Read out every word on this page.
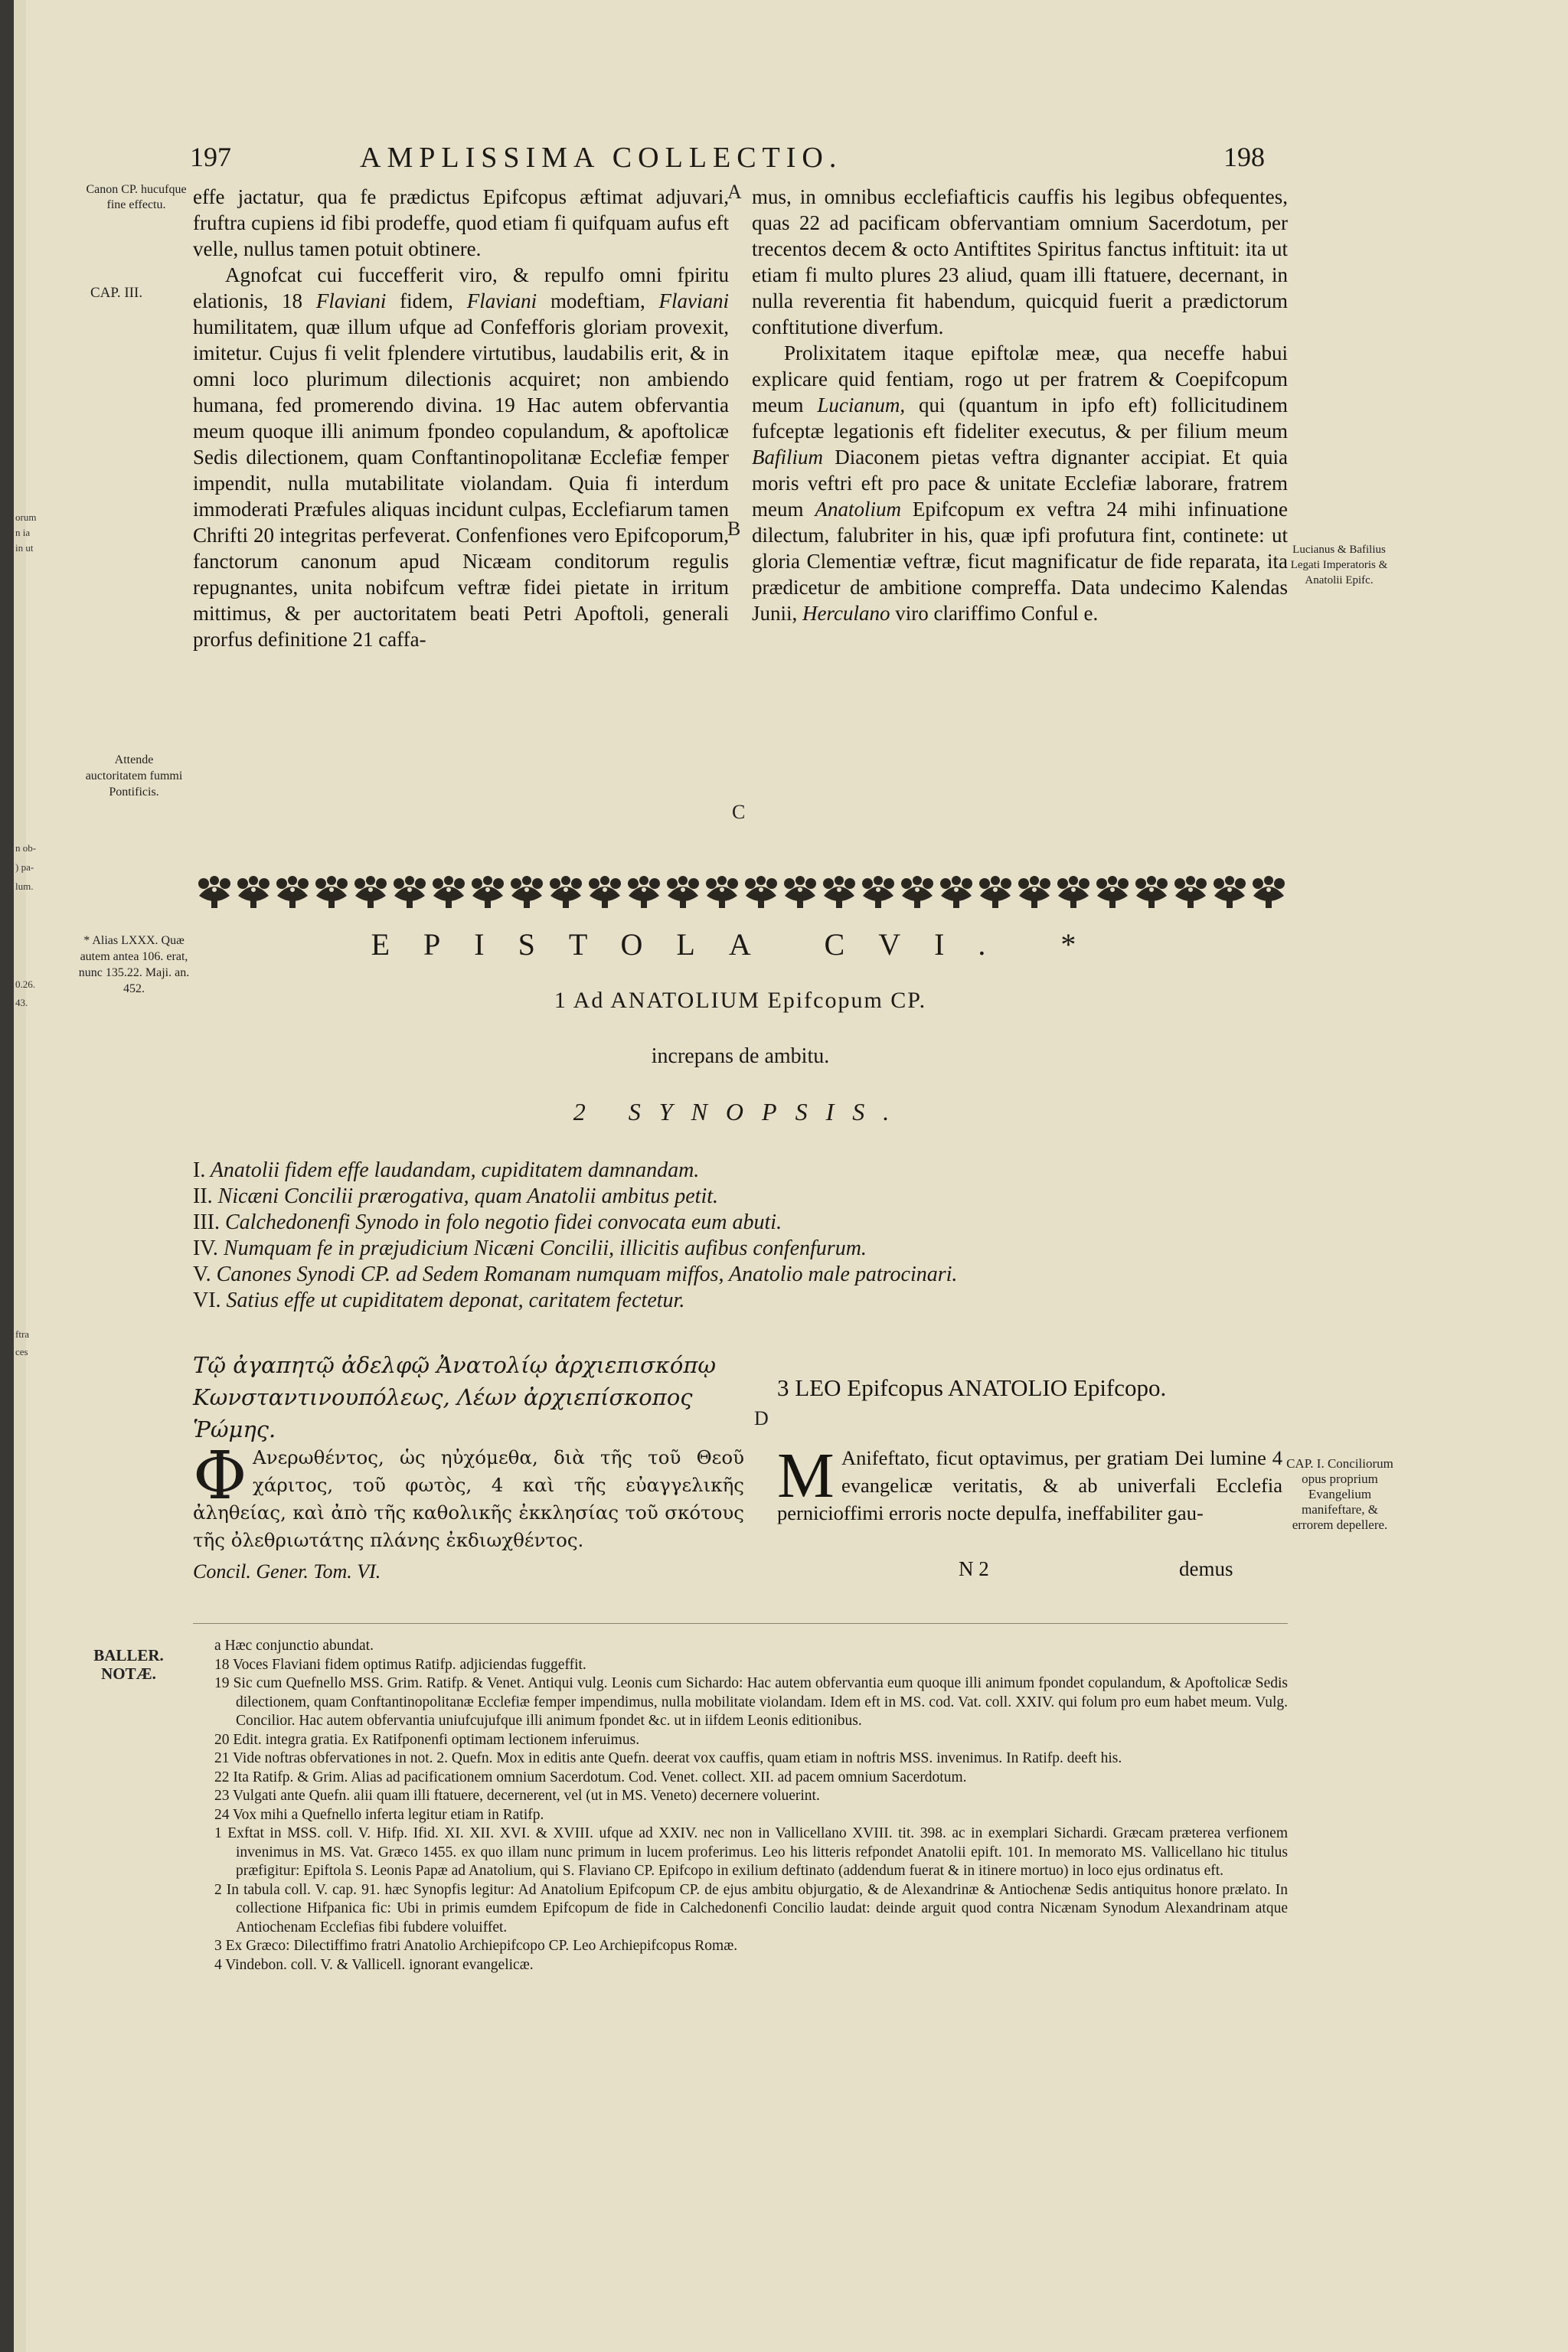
orum
n ia
in ut
n ob-
) pa-
lum.
0.26.
43.
ftra
ces
197	AMPLISSIMA COLLECTIO.	198
Canon CP. hucufque fine effectu.
CAP. III.
Attende auctoritatem fummi Pontificis.
* Alias LXXX. Quæ autem antea 106. erat, nunc 135.22. Maji. an. 452.
BALLER. NOTÆ.
Lucianus & Bafilius Legati Imperatoris & Anatolii Epifc.
CAP. I. Conciliorum opus proprium Evangelium manifeftare, & errorem depellere.
A
B
C
D

effe jactatur, qua fe prædictus Epifcopus æftimat adjuvari, fruftra cupiens id fibi prodeffe, quod etiam fi quifquam aufus eft velle, nullus tamen potuit obtinere.

Agnofcat cui fuccefferit viro, & repulfo omni fpiritu elationis, 18 Flaviani fidem, Flaviani modeftiam, Flaviani humilitatem, quæ illum ufque ad Confefforis gloriam provexit, imitetur. Cujus fi velit fplendere virtutibus, laudabilis erit, & in omni loco plurimum dilectionis acquiret; non ambiendo humana, fed promerendo divina. 19 Hac autem obfervantia meum quoque illi animum fpondeo copulandum, & apoftolicæ Sedis dilectionem, quam Conftantinopolitanæ Ecclefiæ femper impendit, nulla mutabilitate violandam. Quia fi interdum immoderati Præfules aliquas incidunt culpas, Ecclefiarum tamen Chrifti 20 integritas perfeverat. Confenfiones vero Epifcoporum, fanctorum canonum apud Nicæam conditorum regulis repugnantes, unita nobifcum veftræ fidei pietate in irritum mittimus, & per auctoritatem beati Petri Apoftoli, generali prorfus definitione 21 caffa-

mus, in omnibus ecclefiafticis cauffis his legibus obfequentes, quas 22 ad pacificam obfervantiam omnium Sacerdotum, per trecentos decem & octo Antiftites Spiritus fanctus inftituit: ita ut etiam fi multo plures 23 aliud, quam illi ftatuere, decernant, in nulla reverentia fit habendum, quicquid fuerit a prædictorum conftitutione diverfum.

Prolixitatem itaque epiftolæ meæ, qua neceffe habui explicare quid fentiam, rogo ut per fratrem & Coepifcopum meum Lucianum, qui (quantum in ipfo eft) follicitudinem fufceptæ legationis eft fideliter executus, & per filium meum Bafilium Diaconem pietas veftra dignanter accipiat. Et quia moris veftri eft pro pace & unitate Ecclefiæ laborare, fratrem meum Anatolium Epifcopum ex veftra 24 mihi infinuatione dilectum, falubriter in his, quæ ipfi profutura fint, continete: ut gloria Clementiæ veftræ, ficut magnificatur de fide reparata, ita prædicetur de ambitione compreffa. Data undecimo Kalendas Junii, Herculano viro clariffimo Conful e.

EPISTOLA CVI. *
1 Ad ANATOLIUM Epifcopum CP.
increpans de ambitu.
2 SYNOPSIS.
I. Anatolii fidem effe laudandam, cupiditatem damnandam.
II. Nicæni Concilii prærogativa, quam Anatolii ambitus petit.
III. Calchedonenfi Synodo in folo negotio fidei convocata eum abuti.
IV. Numquam fe in præjudicium Nicæni Concilii, illicitis aufibus confenfurum.
V. Canones Synodi CP. ad Sedem Romanam numquam miffos, Anatolio male patrocinari.
VI. Satius effe ut cupiditatem deponat, caritatem fectetur.
Τῷ ἀγαπητῷ ἀδελφῷ Ἀνατολίῳ ἀρχιεπισκόπῳ
Κωνσταντινουπόλεως, Λέων ἀρχιεπίσκοπος Ῥώμης.
3 LEO Epifcopus ANATOLIO Epifcopo.
Φ Ανερωθέντος, ὡς ηὐχόμεθα, διὰ τῆς τοῦ Θεοῦ χάριτος, τοῦ φωτὸς, 4 καὶ τῆς εὐαγγελικῆς ἀληθείας, καὶ ἀπὸ τῆς καθολικῆς ἐκκλησίας τοῦ σκότους τῆς ὀλεθριωτάτης πλάνης ἐκδιωχθέντος.
Concil. Gener. Tom. VI.
M Anifeftato, ficut optavimus, per gratiam Dei lumine 4 evangelicæ veritatis, & ab univerfali Ecclefia pernicioffimi erroris nocte depulfa, ineffabiliter gau-
N 2	demus
a Hæc conjunctio abundat.
18 Voces Flaviani fidem optimus Ratifp. adjiciendas fuggeffit.
19 Sic cum Quefnello MSS. Grim. Ratifp. & Venet. Antiqui vulg. Leonis cum Sichardo: Hac autem obfervantia eum quoque illi animum fpondet copulandum, & Apoftolicæ Sedis dilectionem, quam Conftantinopolitanæ Ecclefiæ femper impendimus, nulla mobilitate violandam. Idem eft in MS. cod. Vat. coll. XXIV. qui folum pro eum habet meum. Vulg. Concilior. Hac autem obfervantia uniufcujufque illi animum fpondet &c. ut in iifdem Leonis editionibus.
20 Edit. integra gratia. Ex Ratifponenfi optimam lectionem inferuimus.
21 Vide noftras obfervationes in not. 2. Quefn. Mox in editis ante Quefn. deerat vox cauffis, quam etiam in noftris MSS. invenimus. In Ratifp. deeft his.
22 Ita Ratifp. & Grim. Alias ad pacificationem omnium Sacerdotum. Cod. Venet. collect. XII. ad pacem omnium Sacerdotum.
23 Vulgati ante Quefn. alii quam illi ftatuere, decernerent, vel (ut in MS. Veneto) decernere voluerint.
24 Vox mihi a Quefnello inferta legitur etiam in Ratifp.
1 Exftat in MSS. coll. V. Hifp. Ifid. XI. XII. XVI. & XVIII. ufque ad XXIV. nec non in Vallicellano XVIII. tit. 398. ac in exemplari Sichardi. Græcam præterea verfionem invenimus in MS. Vat. Græco 1455. ex quo illam nunc primum in lucem proferimus. Leo his litteris refpondet Anatolii epift. 101. In memorato MS. Vallicellano hic titulus præfigitur: Epiftola S. Leonis Papæ ad Anatolium, qui S. Flaviano CP. Epifcopo in exilium deftinato (addendum fuerat & in itinere mortuo) in loco ejus ordinatus eft.
2 In tabula coll. V. cap. 91. hæc Synopfis legitur: Ad Anatolium Epifcopum CP. de ejus ambitu objurgatio, & de Alexandrinæ & Antiochenæ Sedis antiquitus honore prælato. In collectione Hifpanica fic: Ubi in primis eumdem Epifcopum de fide in Calchedonenfi Concilio laudat: deinde arguit quod contra Nicænam Synodum Alexandrinam atque Antiochenam Ecclefias fibi fubdere voluiffet.
3 Ex Græco: Dilectiffimo fratri Anatolio Archiepifcopo CP. Leo Archiepifcopus Romæ.
4 Vindebon. coll. V. & Vallicell. ignorant evangelicæ.
